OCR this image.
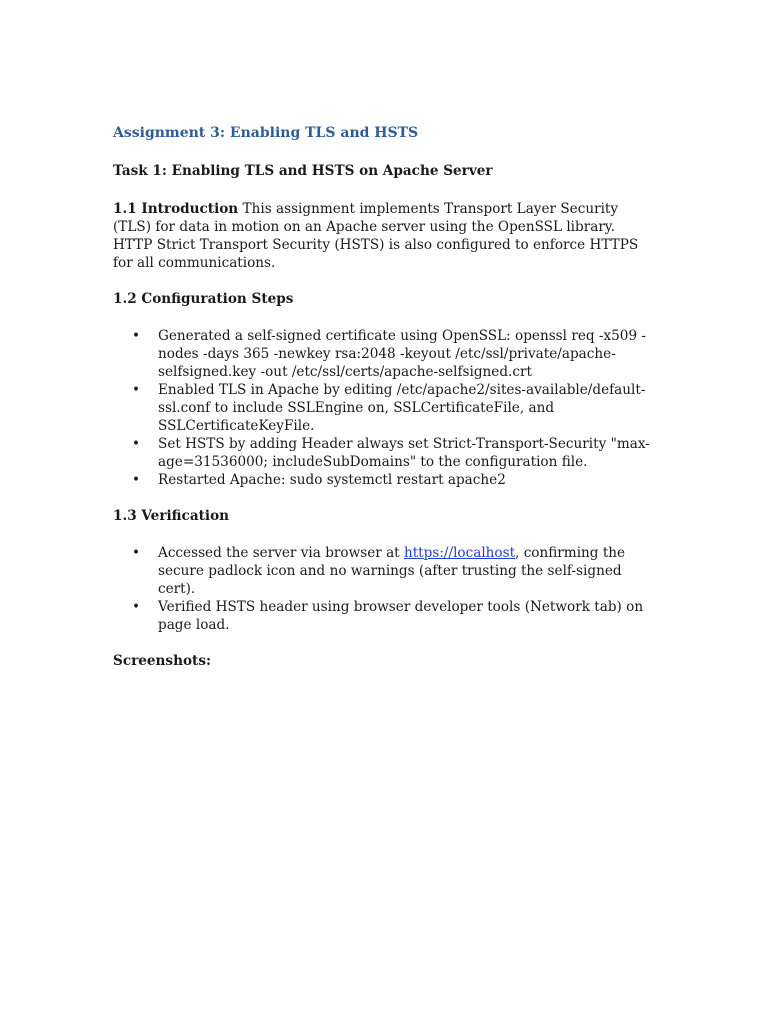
Assignment 3: Enabling TLS and HSTS

Task 1: Enabling TLS and HSTS on Apache Server

1.1 Introduction This assignment implements Transport Layer Security (TLS) for data in motion on an Apache server using the OpenSSL library. HTTP Strict Transport Security (HSTS) is also configured to enforce HTTPS for all communications.

1.2 Configuration Steps

• Generated a self-signed certificate using OpenSSL: openssl req -x509 -nodes -days 365 -newkey rsa:2048 -keyout /etc/ssl/private/apache-selfsigned.key -out /etc/ssl/certs/apache-selfsigned.crt
• Enabled TLS in Apache by editing /etc/apache2/sites-available/default-ssl.conf to include SSLEngine on, SSLCertificateFile, and SSLCertificateKeyFile.
• Set HSTS by adding Header always set Strict-Transport-Security "max-age=31536000; includeSubDomains" to the configuration file.
• Restarted Apache: sudo systemctl restart apache2

1.3 Verification

• Accessed the server via browser at https://localhost, confirming the secure padlock icon and no warnings (after trusting the self-signed cert).
• Verified HSTS header using browser developer tools (Network tab) on page load.

Screenshots:
